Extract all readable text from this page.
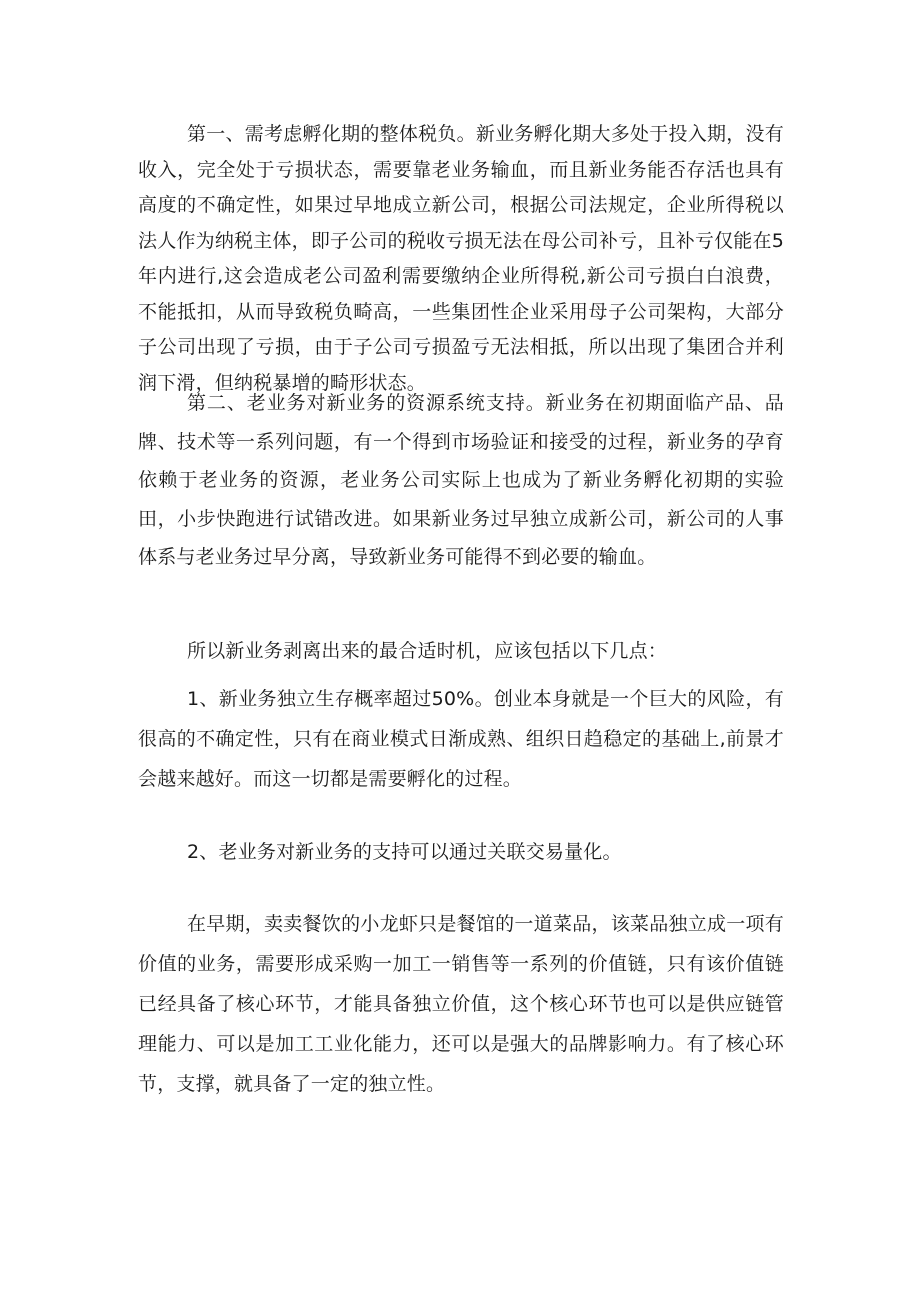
第一、需考虑孵化期的整体税负。新业务孵化期大多处于投入期，没有收入，完全处于亏损状态，需要靠老业务输血，而且新业务能否存活也具有高度的不确定性，如果过早地成立新公司，根据公司法规定，企业所得税以法人作为纳税主体，即子公司的税收亏损无法在母公司补亏，且补亏仅能在5年内进行,这会造成老公司盈利需要缴纳企业所得税,新公司亏损白白浪费，不能抵扣，从而导致税负畸高，一些集团性企业采用母子公司架构，大部分子公司出现了亏损，由于子公司亏损盈亏无法相抵，所以出现了集团合并利润下滑，但纳税暴增的畸形状态。

第二、老业务对新业务的资源系统支持。新业务在初期面临产品、品牌、技术等一系列问题，有一个得到市场验证和接受的过程，新业务的孕育依赖于老业务的资源，老业务公司实际上也成为了新业务孵化初期的实验田，小步快跑进行试错改进。如果新业务过早独立成新公司，新公司的人事体系与老业务过早分离，导致新业务可能得不到必要的输血。

所以新业务剥离出来的最合适时机，应该包括以下几点：

1、新业务独立生存概率超过50%。创业本身就是一个巨大的风险，有很高的不确定性，只有在商业模式日渐成熟、组织日趋稳定的基础上,前景才会越来越好。而这一切都是需要孵化的过程。

2、老业务对新业务的支持可以通过关联交易量化。

在早期，卖卖餐饮的小龙虾只是餐馆的一道菜品，该菜品独立成一项有价值的业务，需要形成采购一加工一销售等一系列的价值链，只有该价值链已经具备了核心环节，才能具备独立价值，这个核心环节也可以是供应链管理能力、可以是加工工业化能力，还可以是强大的品牌影响力。有了核心环节，支撑，就具备了一定的独立性。
